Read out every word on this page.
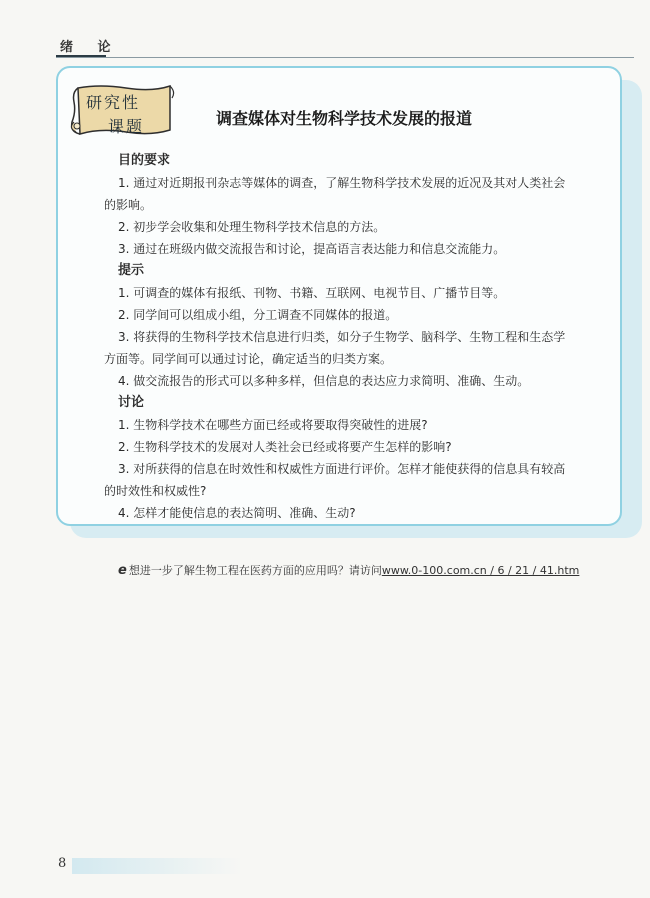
绪 论
研究性
课题	调查媒体对生物科学技术发展的报道
目的要求
1. 通过对近期报刊杂志等媒体的调查，了解生物科学技术发展的近况及其对人类社会
的影响。
2. 初步学会收集和处理生物科学技术信息的方法。
3. 通过在班级内做交流报告和讨论，提高语言表达能力和信息交流能力。
提示
1. 可调查的媒体有报纸、刊物、书籍、互联网、电视节目、广播节目等。
2. 同学间可以组成小组，分工调查不同媒体的报道。
3. 将获得的生物科学技术信息进行归类，如分子生物学、脑科学、生物工程和生态学
方面等。同学间可以通过讨论，确定适当的归类方案。
4. 做交流报告的形式可以多种多样，但信息的表达应力求简明、准确、生动。
讨论
1. 生物科学技术在哪些方面已经或将要取得突破性的进展?
2. 生物科学技术的发展对人类社会已经或将要产生怎样的影响?
3. 对所获得的信息在时效性和权威性方面进行评价。怎样才能使获得的信息具有较高
的时效性和权威性?
4. 怎样才能使信息的表达简明、准确、生动?
e 想进一步了解生物工程在医药方面的应用吗？请访问www.0-100.com.cn / 6 / 21 / 41.htm
8
